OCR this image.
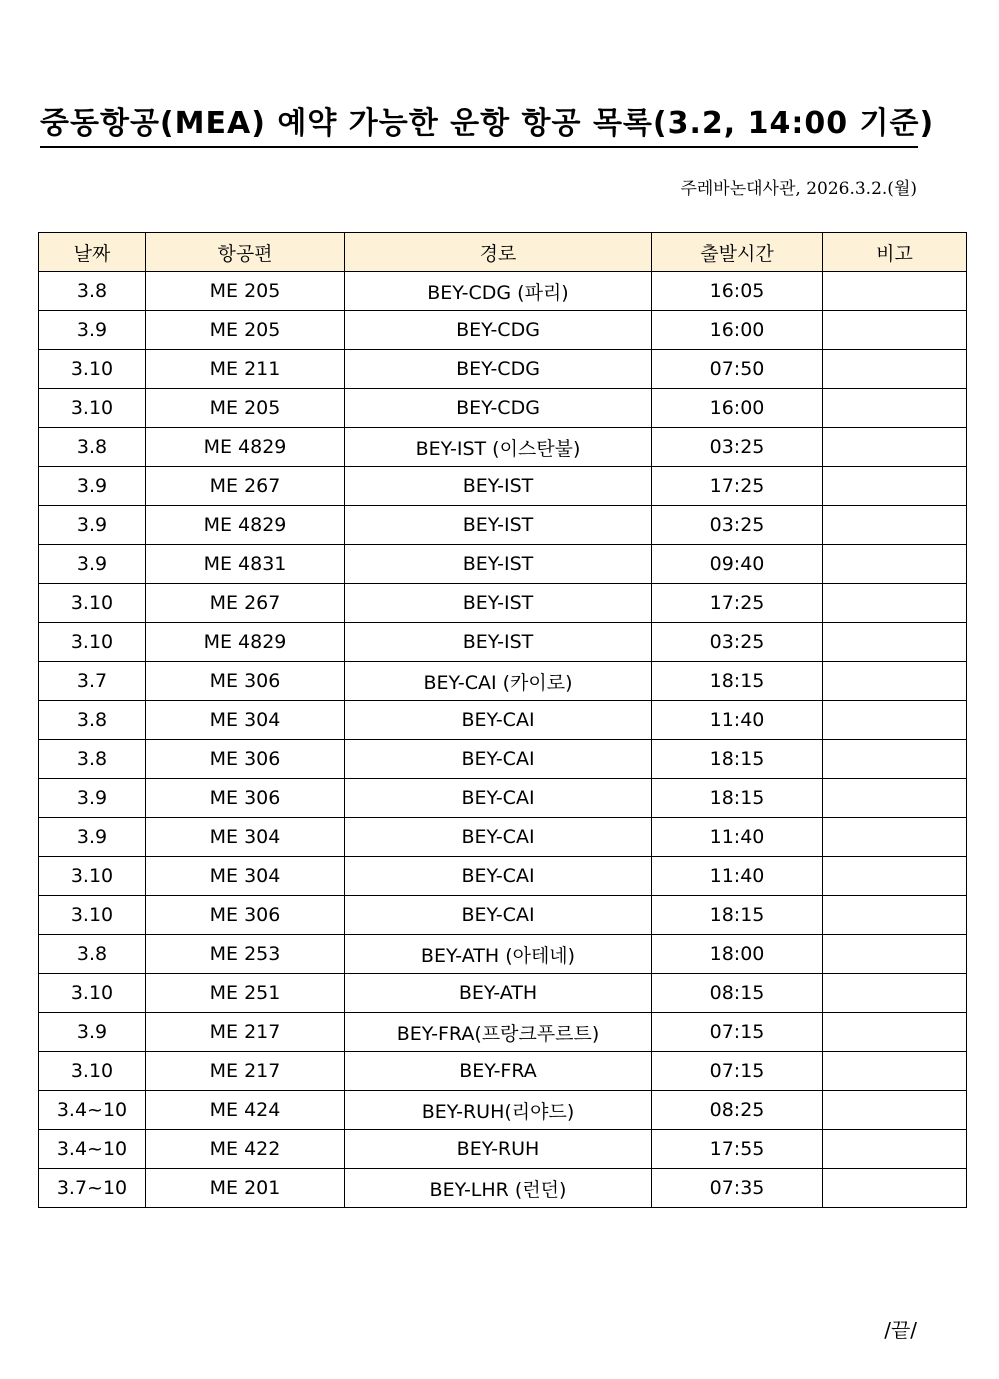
중동항공(MEA) 예약 가능한 운항 항공 목록(3.2, 14:00 기준)
주레바논대사관, 2026.3.2.(월)
날짜	항공편	경로	출발시간	비고
3.8	ME 205	BEY-CDG (파리)	16:05	
3.9	ME 205	BEY-CDG	16:00	
3.10	ME 211	BEY-CDG	07:50	
3.10	ME 205	BEY-CDG	16:00	
3.8	ME 4829	BEY-IST (이스탄불)	03:25	
3.9	ME 267	BEY-IST	17:25	
3.9	ME 4829	BEY-IST	03:25	
3.9	ME 4831	BEY-IST	09:40	
3.10	ME 267	BEY-IST	17:25	
3.10	ME 4829	BEY-IST	03:25	
3.7	ME 306	BEY-CAI (카이로)	18:15	
3.8	ME 304	BEY-CAI	11:40	
3.8	ME 306	BEY-CAI	18:15	
3.9	ME 306	BEY-CAI	18:15	
3.9	ME 304	BEY-CAI	11:40	
3.10	ME 304	BEY-CAI	11:40	
3.10	ME 306	BEY-CAI	18:15	
3.8	ME 253	BEY-ATH (아테네)	18:00	
3.10	ME 251	BEY-ATH	08:15	
3.9	ME 217	BEY-FRA(프랑크푸르트)	07:15	
3.10	ME 217	BEY-FRA	07:15	
3.4~10	ME 424	BEY-RUH(리야드)	08:25	
3.4~10	ME 422	BEY-RUH	17:55	
3.7~10	ME 201	BEY-LHR (런던)	07:35	
/끝/
